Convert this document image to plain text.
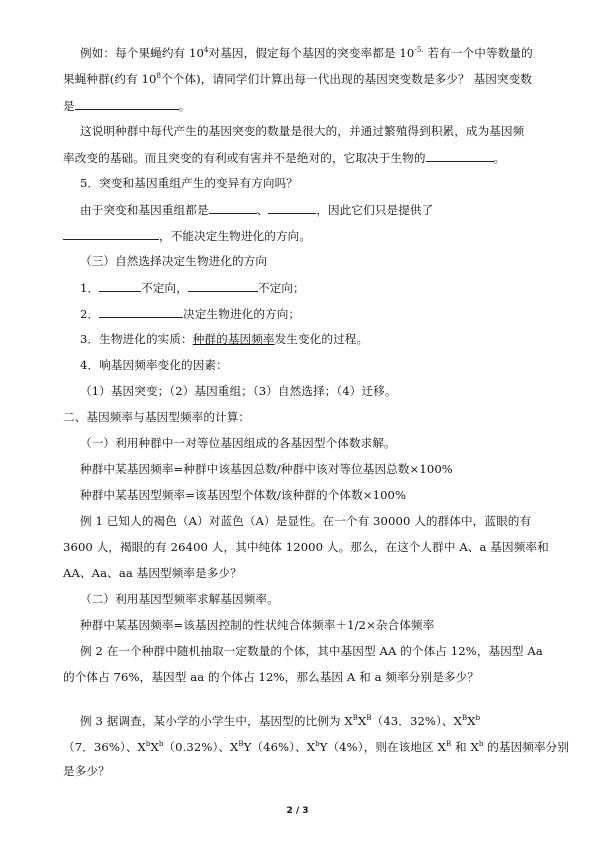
例如：每个果蝇约有 $10^4$对基因，假定每个基因的突变率都是 $10^{-5.}$ 若有一个中等数量的
果蝇种群(约有 $10^8$个个体)，请同学们计算出每一代出现的基因突变数是多少？ 基因突变数
是	。
这说明种群中每代产生的基因突变的数量是很大的，并通过繁殖得到积累，成为基因频
率改变的基础。而且突变的有利或有害并不是绝对的，它取决于生物的	。
5．突变和基因重组产生的变异有方向吗？
由于突变和基因重组都是	、	，因此它们只是提供了
，不能决定生物进化的方向。
（三）自然选择决定生物进化的方向
1．	不定向，	不定向；
2．	决定生物进化的方向；
3．生物进化的实质：种群的基因频率发生变化的过程。
4．响基因频率变化的因素：
（1）基因突变；（2）基因重组；（3）自然选择；（4）迁移。
二、基因频率与基因型频率的计算：
（一）利用种群中一对等位基因组成的各基因型个体数求解。
种群中某基因频率=种群中该基因总数/种群中该对等位基因总数×100%
种群中某基因型频率=该基因型个体数/该种群的个体数×100%
例 1 已知人的褐色（A）对蓝色（A）是显性。在一个有 30000 人的群体中，蓝眼的有
3600 人，褐眼的有 26400 人，其中纯体 12000 人。那么，在这个人群中 A、a 基因频率和
AA、Aa、aa 基因型频率是多少？
（二）利用基因型频率求解基因频率。
种群中某基因频率=该基因控制的性状纯合体频率＋1/2×杂合体频率
例 2 在一个种群中随机抽取一定数量的个体，其中基因型 AA 的个体占 12%，基因型 Aa
的个体占 76%，基因型 aa 的个体占 12%，那么基因 A 和 a 频率分别是多少？
例 3 据调查，某小学的小学生中，基因型的比例为 $X^BX^B(43$．32%）、$X^BX^b$
（7．36%）、$X^bX^b(0.32\%)$、$X^BY(46\%)$、$X^bY(4\%)$，则在该地区 $X^B$ 和 $X^b$ 的基因频率分别
是多少？
2 / 3
